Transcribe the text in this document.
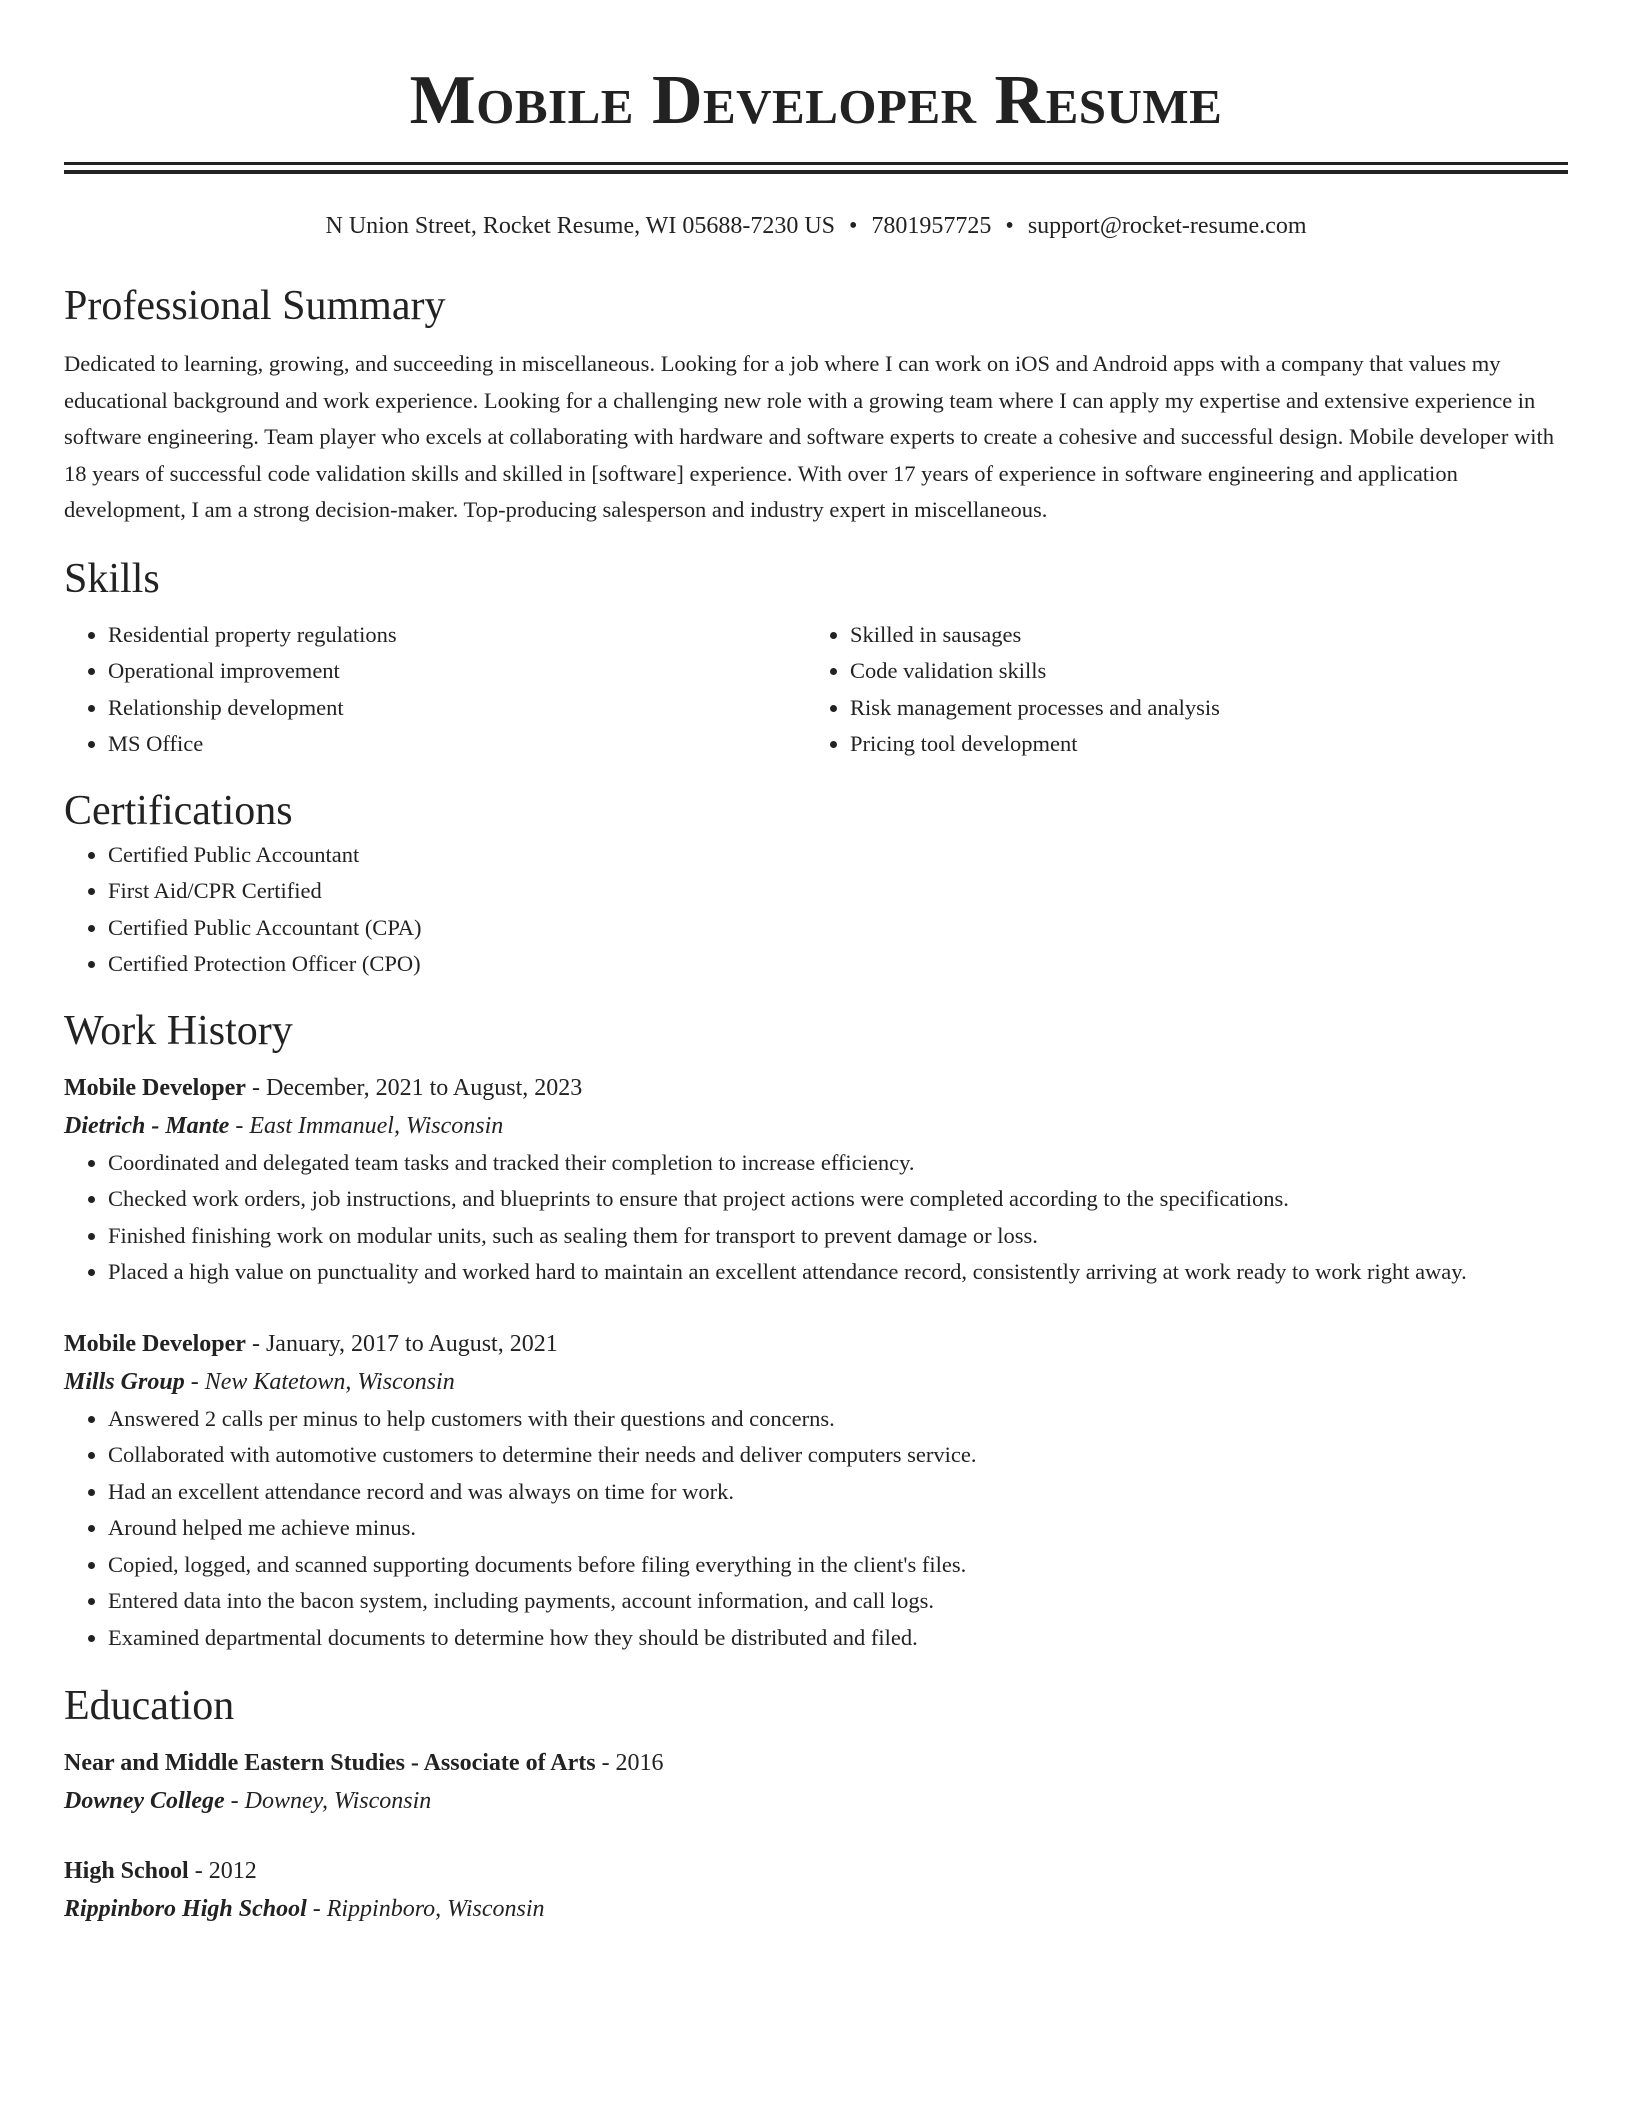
Mobile Developer Resume
N Union Street, Rocket Resume, WI 05688-7230 US • 7801957725 • support@rocket-resume.com
Professional Summary
Dedicated to learning, growing, and succeeding in miscellaneous. Looking for a job where I can work on iOS and Android apps with a company that values my educational background and work experience. Looking for a challenging new role with a growing team where I can apply my expertise and extensive experience in software engineering. Team player who excels at collaborating with hardware and software experts to create a cohesive and successful design. Mobile developer with 18 years of successful code validation skills and skilled in [software] experience. With over 17 years of experience in software engineering and application development, I am a strong decision-maker. Top-producing salesperson and industry expert in miscellaneous.
Skills
• Residential property regulations
• Operational improvement
• Relationship development
• MS Office
• Skilled in sausages
• Code validation skills
• Risk management processes and analysis
• Pricing tool development
Certifications
• Certified Public Accountant
• First Aid/CPR Certified
• Certified Public Accountant (CPA)
• Certified Protection Officer (CPO)
Work History
Mobile Developer - December, 2021 to August, 2023
Dietrich - Mante - East Immanuel, Wisconsin
• Coordinated and delegated team tasks and tracked their completion to increase efficiency.
• Checked work orders, job instructions, and blueprints to ensure that project actions were completed according to the specifications.
• Finished finishing work on modular units, such as sealing them for transport to prevent damage or loss.
• Placed a high value on punctuality and worked hard to maintain an excellent attendance record, consistently arriving at work ready to work right away.
Mobile Developer - January, 2017 to August, 2021
Mills Group - New Katetown, Wisconsin
• Answered 2 calls per minus to help customers with their questions and concerns.
• Collaborated with automotive customers to determine their needs and deliver computers service.
• Had an excellent attendance record and was always on time for work.
• Around helped me achieve minus.
• Copied, logged, and scanned supporting documents before filing everything in the client's files.
• Entered data into the bacon system, including payments, account information, and call logs.
• Examined departmental documents to determine how they should be distributed and filed.
Education
Near and Middle Eastern Studies - Associate of Arts - 2016
Downey College - Downey, Wisconsin
High School - 2012
Rippinboro High School - Rippinboro, Wisconsin
